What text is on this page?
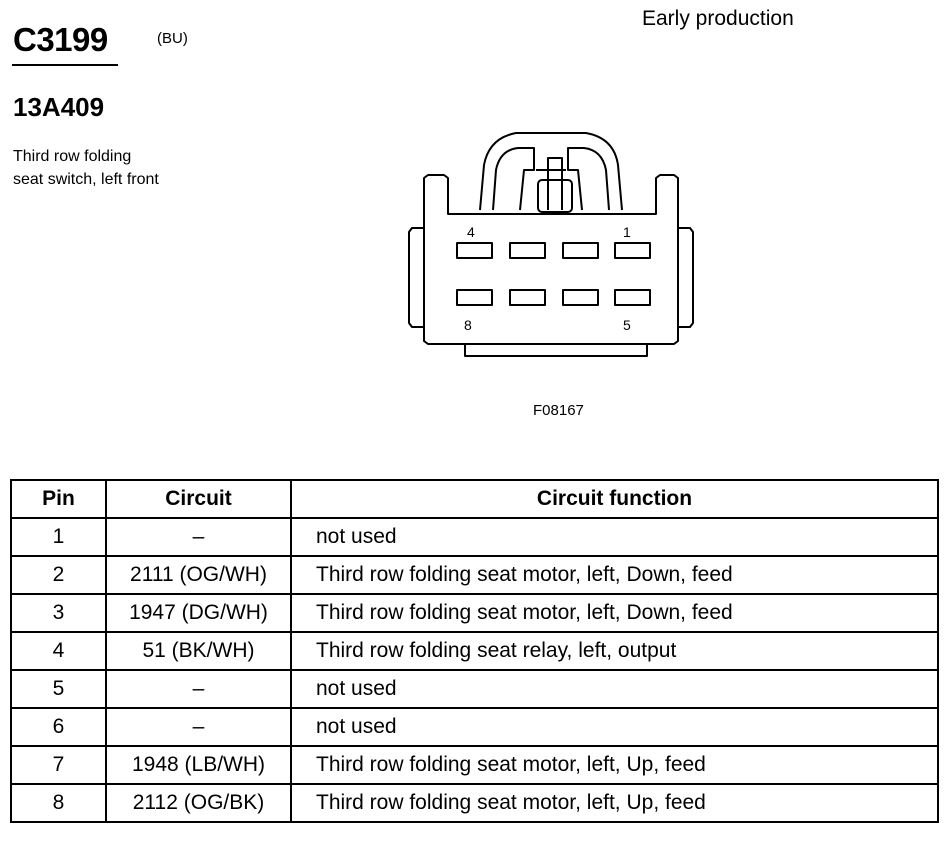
C3199	(BU)
Early production
13A409
Third row folding
seat switch, left front
4	1
8	5
F08167
Pin	Circuit	Circuit function
1	–	not used
2	2111 (OG/WH)	Third row folding seat motor, left, Down, feed
3	1947 (DG/WH)	Third row folding seat motor, left, Down, feed
4	51 (BK/WH)	Third row folding seat relay, left, output
5	–	not used
6	–	not used
7	1948 (LB/WH)	Third row folding seat motor, left, Up, feed
8	2112 (OG/BK)	Third row folding seat motor, left, Up, feed
